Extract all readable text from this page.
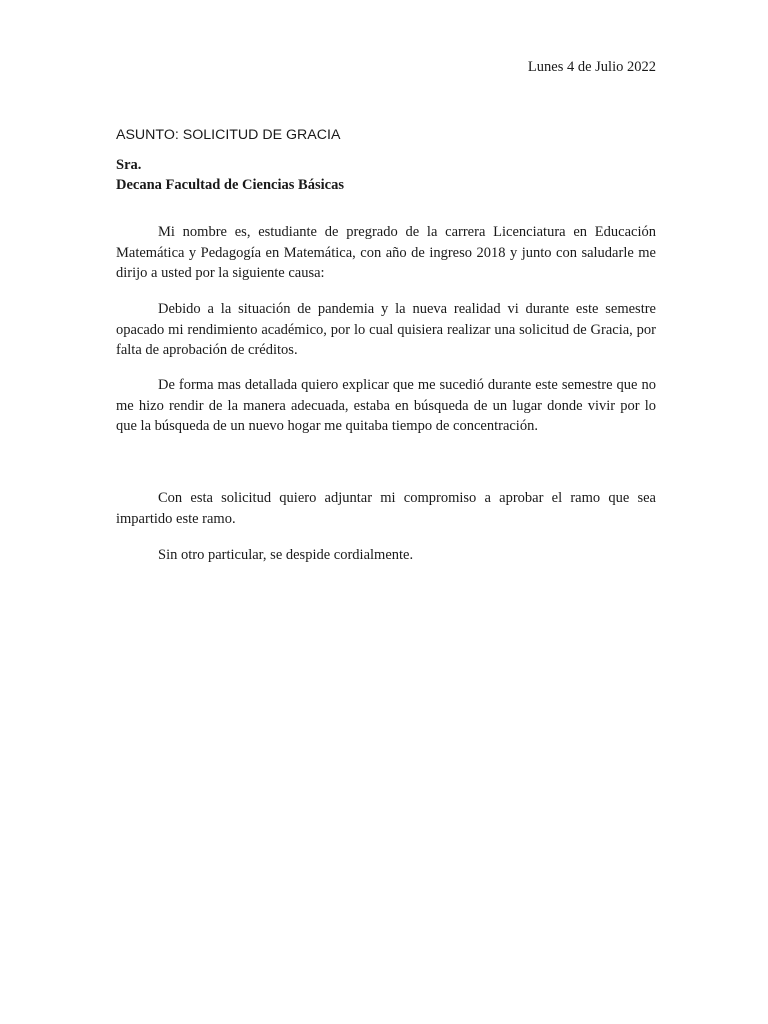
Lunes 4 de Julio 2022
ASUNTO: SOLICITUD DE GRACIA
Sra.
Decana Facultad de Ciencias Básicas

Mi nombre es, estudiante de pregrado de la carrera Licenciatura en Educación Matemática y Pedagogía en Matemática, con año de ingreso 2018 y junto con saludarle me dirijo a usted por la siguiente causa:

Debido a la situación de pandemia y la nueva realidad vi durante este semestre opacado mi rendimiento académico, por lo cual quisiera realizar una solicitud de Gracia, por falta de aprobación de créditos.

De forma mas detallada quiero explicar que me sucedió durante este semestre que no me hizo rendir de la manera adecuada, estaba en búsqueda de un lugar donde vivir por lo que la búsqueda de un nuevo hogar me quitaba tiempo de concentración.

Con esta solicitud quiero adjuntar mi compromiso a aprobar el ramo que sea impartido este ramo.

Sin otro particular, se despide cordialmente.
